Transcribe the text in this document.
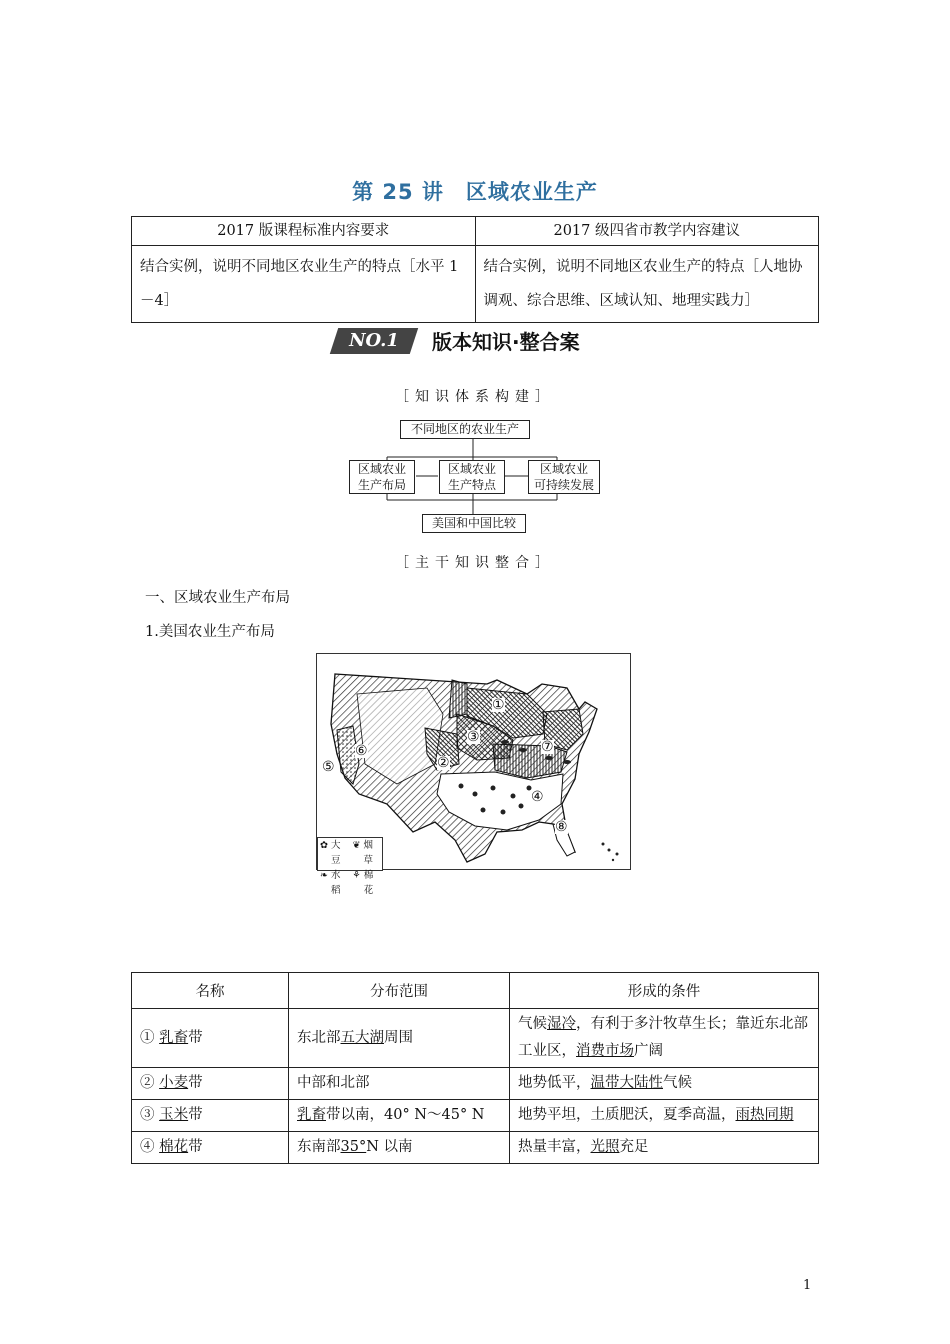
第 25 讲　区域农业生产
2017 版课程标准内容要求	2017 级四省市教学内容建议
结合实例，说明不同地区农业生产的特点［水平 1－4］	结合实例，说明不同地区农业生产的特点［人地协调观、综合思维、区域认知、地理实践力］
NO.1	版本知识·整合案
［知识体系构建］
不同地区的农业生产
区域农业
生产布局
区域农业
生产特点
区域农业
可持续发展
美国和中国比较
［主干知识整合］
一、区域农业生产布局
1.美国农业生产布局
①
②
③
④
⑤
⑥	⑦
⑧
✿ 大豆
❦ 烟草
❧ 水稻
⚘ 棉花
名称	分布范围	形成的条件
① 乳畜带	东北部五大湖周围	气候湿冷，有利于多汁牧草生长；靠近东北部工业区，消费市场广阔
② 小麦带	中部和北部	地势低平，温带大陆性气候
③ 玉米带	乳畜带以南，40° N～45° N	地势平坦，土质肥沃，夏季高温，雨热同期
④ 棉花带	东南部35°N 以南	热量丰富，光照充足
1
